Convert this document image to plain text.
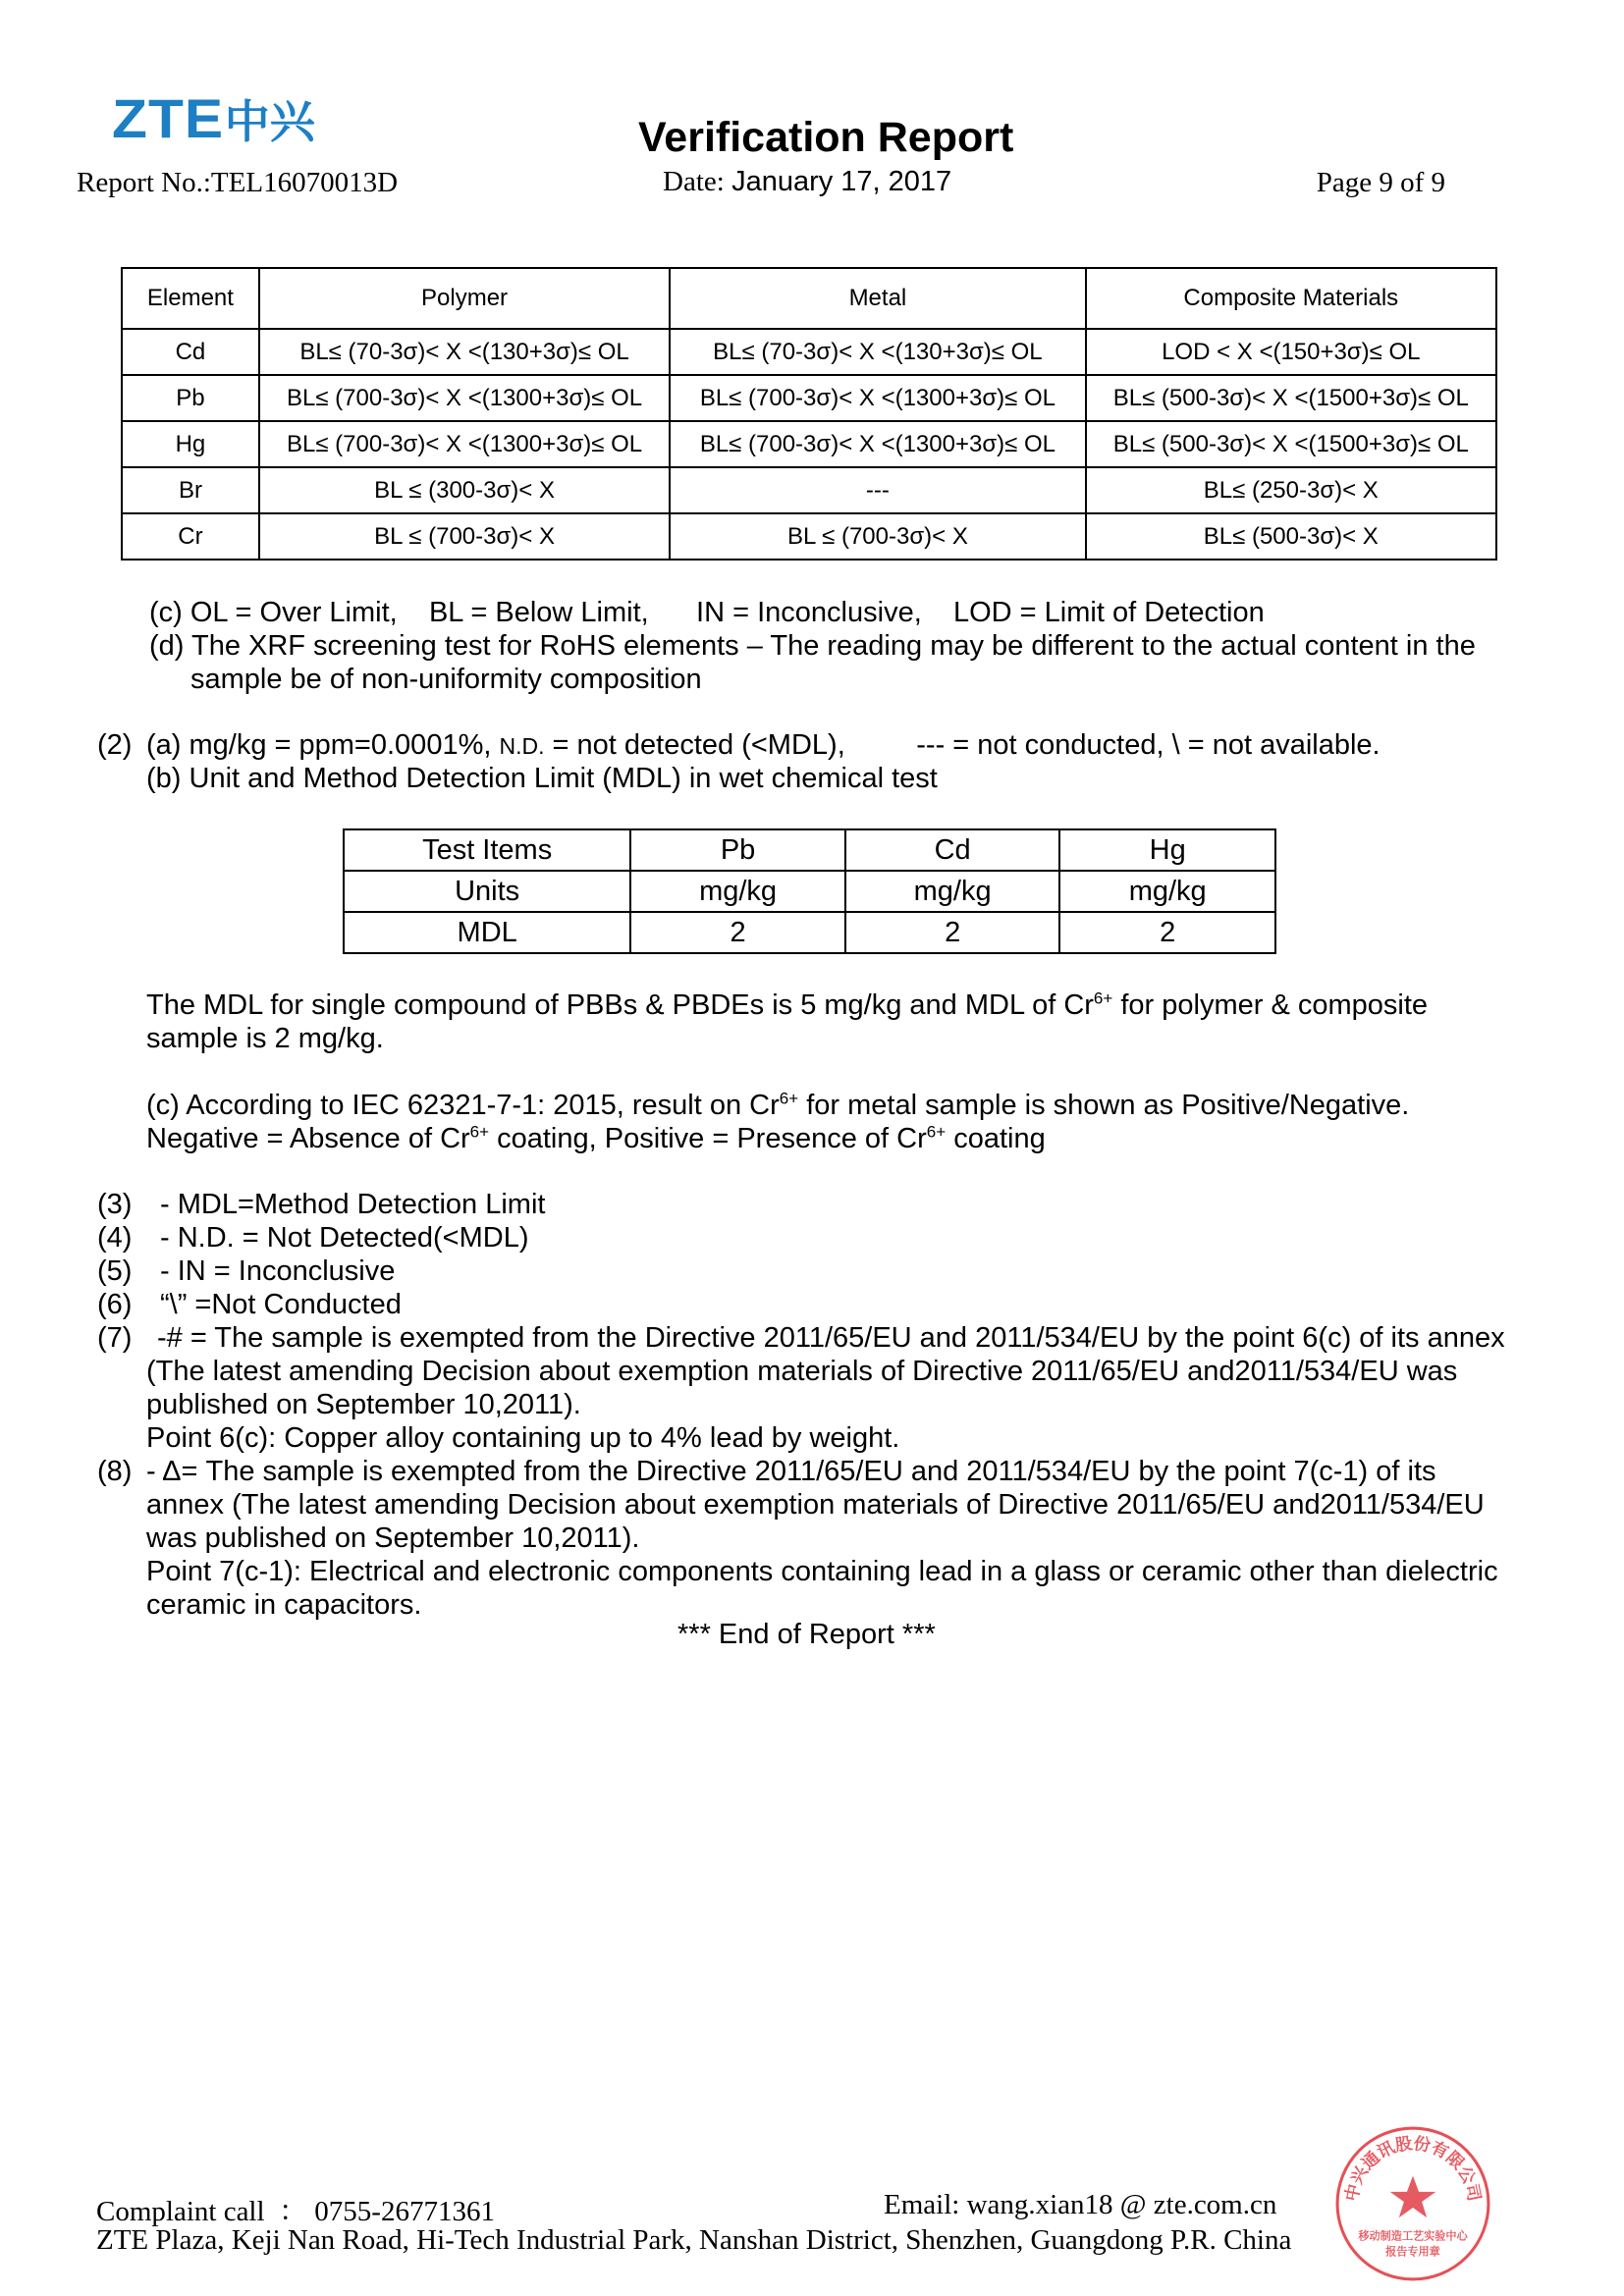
ZTE 中兴	Verification Report
Report No.:TEL16070013D	Date: January 17, 2017	Page 9 of 9
Element	Polymer	Metal	Composite Materials
Cd	BL≤ (70-3σ)< X <(130+3σ)≤ OL	BL≤ (70-3σ)< X <(130+3σ)≤ OL	LOD < X <(150+3σ)≤ OL
Pb	BL≤ (700-3σ)< X <(1300+3σ)≤ OL	BL≤ (700-3σ)< X <(1300+3σ)≤ OL	BL≤ (500-3σ)< X <(1500+3σ)≤ OL
Hg	BL≤ (700-3σ)< X <(1300+3σ)≤ OL	BL≤ (700-3σ)< X <(1300+3σ)≤ OL	BL≤ (500-3σ)< X <(1500+3σ)≤ OL
Br	BL ≤ (300-3σ)< X	---	BL≤ (250-3σ)< X
Cr	BL ≤ (700-3σ)< X	BL ≤ (700-3σ)< X	BL≤ (500-3σ)< X
(c) OL = Over Limit,    BL = Below Limit,      IN = Inconclusive,    LOD = Limit of Detection
(d) The XRF screening test for RoHS elements – The reading may be different to the actual content in the
sample be of non-uniformity composition
(2) (a) mg/kg = ppm=0.0001%, N.D. = not detected (<MDL),         --- = not conducted, \ = not available.
(b) Unit and Method Detection Limit (MDL) in wet chemical test
Test Items	Pb	Cd	Hg
Units	mg/kg	mg/kg	mg/kg
MDL	2	2	2
The MDL for single compound of PBBs & PBDEs is 5 mg/kg and MDL of $Cr^{6+}$ for polymer & composite
sample is 2 mg/kg.
(c) According to IEC 62321-7-1: 2015, result on $Cr^{6+}$ for metal sample is shown as Positive/Negative.
Negative = Absence of $Cr^{6+}$ coating, Positive = Presence of $Cr^{6+}$ coating
(3) - MDL=Method Detection Limit
(4) - N.D. = Not Detected(<MDL)
(5) - IN = Inconclusive
(6) “\” =Not Conducted
(7) -# = The sample is exempted from the Directive 2011/65/EU and 2011/534/EU by the point 6(c) of its annex
(The latest amending Decision about exemption materials of Directive 2011/65/EU and2011/534/EU was
published on September 10,2011).
Point 6(c): Copper alloy containing up to 4% lead by weight.
(8) - Δ= The sample is exempted from the Directive 2011/65/EU and 2011/534/EU by the point 7(c-1) of its
annex (The latest amending Decision about exemption materials of Directive 2011/65/EU and2011/534/EU
was published on September 10,2011).
Point 7(c-1): Electrical and electronic components containing lead in a glass or ceramic other than dielectric
ceramic in capacitors.
*** End of Report ***
Complaint call  ： 0755-26771361	Email: wang.xian18 @ zte.com.cn
ZTE Plaza, Keji Nan Road, Hi-Tech Industrial Park, Nanshan District, Shenzhen, Guangdong P.R. China
中兴通讯股份有限公司
移动制造工艺实验中心
报告专用章
